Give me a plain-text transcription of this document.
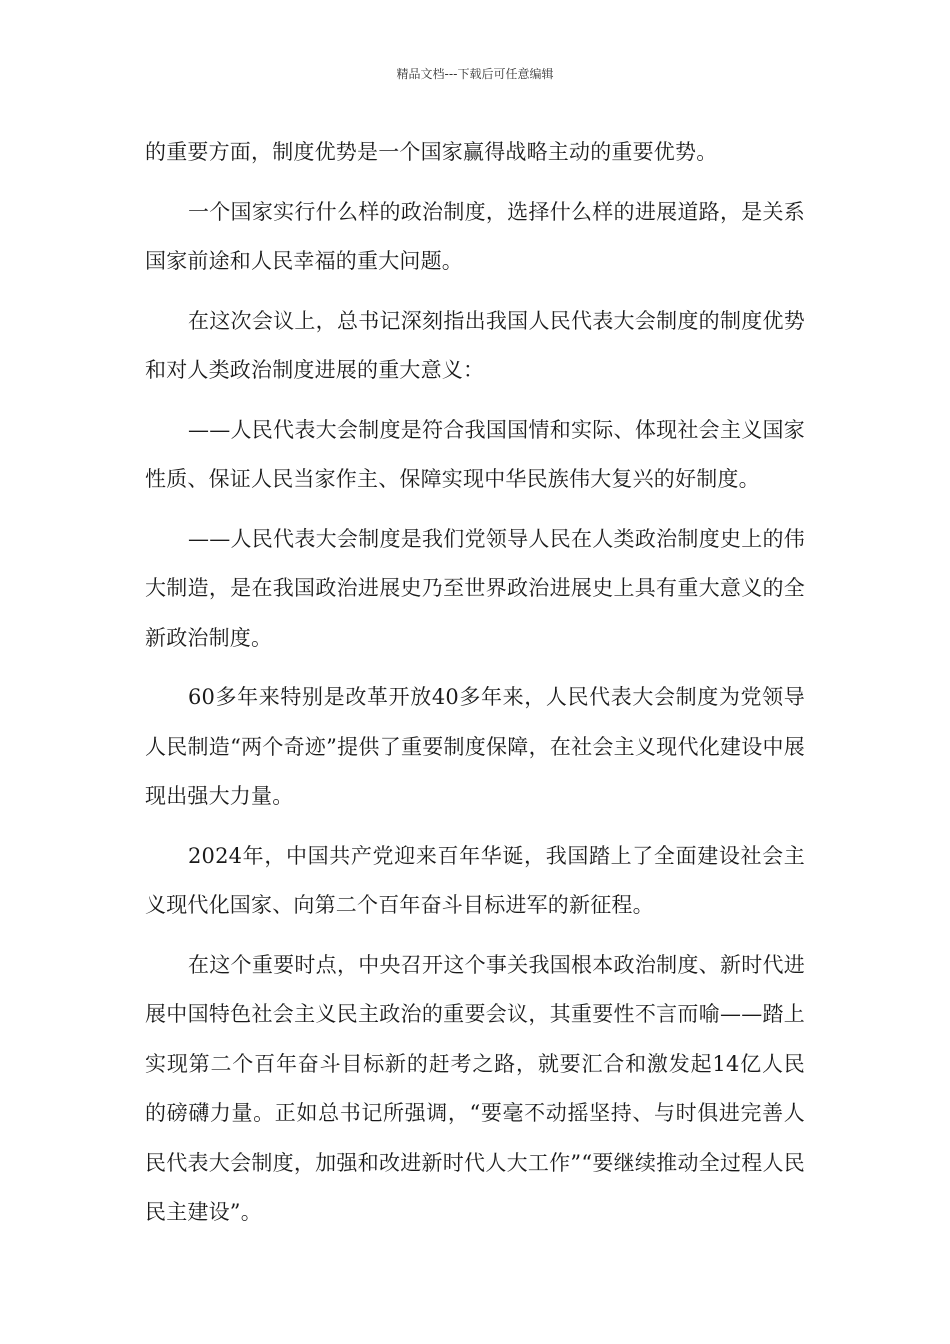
精品文档---下载后可任意编辑

的重要方面，制度优势是一个国家赢得战略主动的重要优势。

一个国家实行什么样的政治制度，选择什么样的进展道路，是关系国家前途和人民幸福的重大问题。

在这次会议上，总书记深刻指出我国人民代表大会制度的制度优势和对人类政治制度进展的重大意义：

——人民代表大会制度是符合我国国情和实际、体现社会主义国家性质、保证人民当家作主、保障实现中华民族伟大复兴的好制度。

——人民代表大会制度是我们党领导人民在人类政治制度史上的伟大制造，是在我国政治进展史乃至世界政治进展史上具有重大意义的全新政治制度。

60多年来特别是改革开放40多年来，人民代表大会制度为党领导人民制造“两个奇迹”提供了重要制度保障，在社会主义现代化建设中展现出强大力量。

2024年，中国共产党迎来百年华诞，我国踏上了全面建设社会主义现代化国家、向第二个百年奋斗目标进军的新征程。

在这个重要时点，中央召开这个事关我国根本政治制度、新时代进展中国特色社会主义民主政治的重要会议，其重要性不言而喻——踏上实现第二个百年奋斗目标新的赶考之路，就要汇合和激发起14亿人民的磅礴力量。正如总书记所强调，“要毫不动摇坚持、与时俱进完善人民代表大会制度，加强和改进新时代人大工作”“要继续推动全过程人民民主建设”。
